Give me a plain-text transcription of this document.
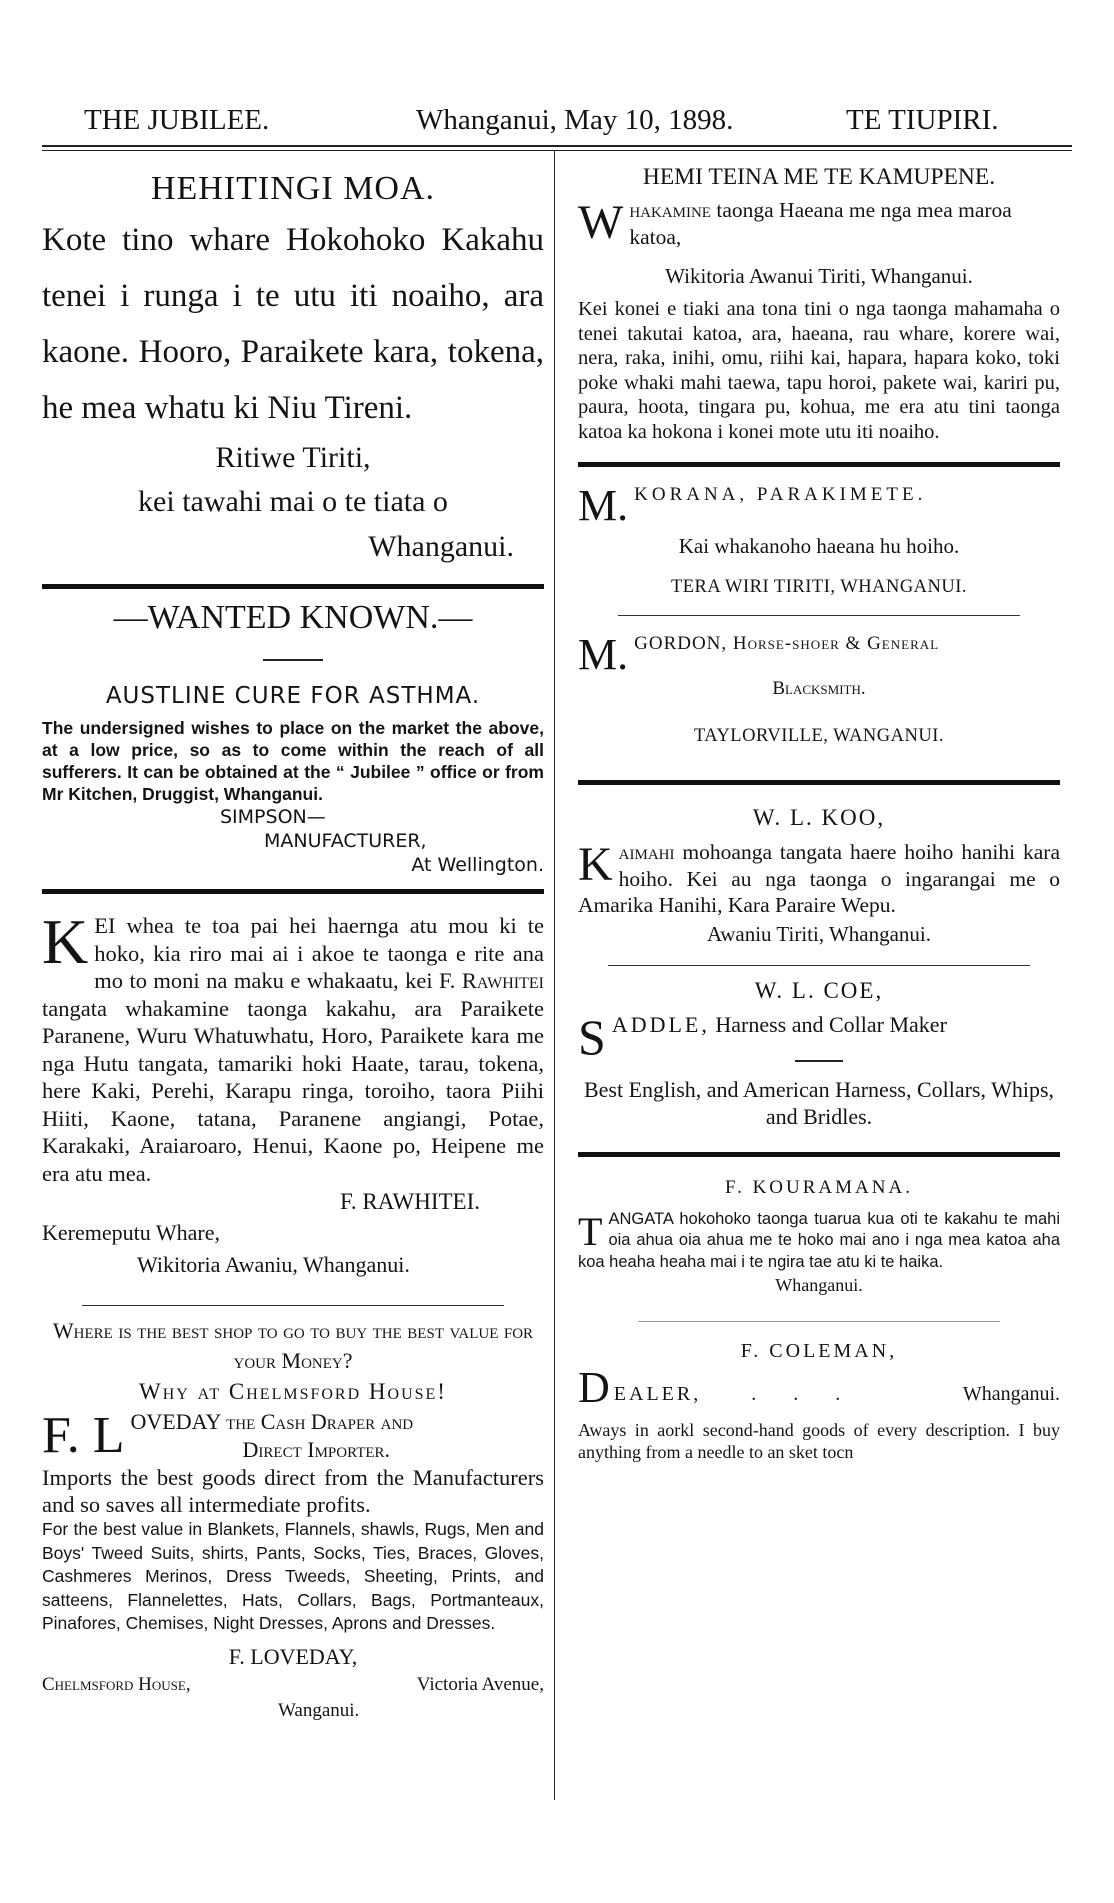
THE JUBILEE.	Whanganui, May 10, 1898.	TE TIUPIRI.
HEHITINGI MOA.

Kote tino whare Hokohoko Kakahu tenei i runga i te utu iti noaiho, ara kaone. Hooro, Paraikete kara, tokena, he mea whatu ki Niu Tireni.

Ritiwe Tiriti,
kei tawahi mai o te tiata o
Whanganui.
—WANTED KNOWN.—
AUSTLINE CURE FOR ASTHMA.

The undersigned wishes to place on the market the above, at a low price, so as to come within the reach of all sufferers. It can be obtained at the “ Jubilee ” office or from Mr Kitchen, Druggist, Whanganui.

SIMPSON—
MANUFACTURER,
At Wellington.

KEI whea te toa pai hei haernga atu mou ki te hoko, kia riro mai ai i akoe te taonga e rite ana mo to moni na maku e whakaatu, kei F. Rawhitei tangata whakamine taonga kakahu, ara Paraikete Paranene, Wuru Whatuwhatu, Horo, Paraikete kara me nga Hutu tangata, tamariki hoki Haate, tarau, tokena, here Kaki, Perehi, Karapu ringa, toroiho, taora Piihi Hiiti, Kaone, tatana, Paranene angiangi, Potae, Karakaki, Araiaroaro, Henui, Kaone po, Heipene me era atu mea.

F. RAWHITEI.
Keremeputu Whare,
Wikitoria Awaniu, Whanganui.

Where is the best shop to go to buy the best value for your Money?

Why at Chelmsford House!
F. L OVEDAY the Cash Draper and
Direct Importer.

Imports the best goods direct from the Manufacturers and so saves all intermediate profits.

For the best value in Blankets, Flannels, shawls, Rugs, Men and Boys' Tweed Suits, shirts, Pants, Socks, Ties, Braces, Gloves, Cashmeres Merinos, Dress Tweeds, Sheeting, Prints, and satteens, Flannelettes, Hats, Collars, Bags, Portmanteaux, Pinafores, Chemises, Night Dresses, Aprons and Dresses.

F. LOVEDAY,
Chelmsford House,	Victoria Avenue,
Wanganui.
HEMI TEINA ME TE KAMUPENE.
Whakamine taonga Haeana me nga mea maroa katoa,
Wikitoria Awanui Tiriti, Whanganui.

Kei konei e tiaki ana tona tini o nga taonga mahamaha o tenei takutai katoa, ara, haeana, rau whare, korere wai, nera, raka, inihi, omu, riihi kai, hapara, hapara koko, toki poke whaki mahi taewa, tapu horoi, pakete wai, kariri pu, paura, hoota, tingara pu, kohua, me era atu tini taonga katoa ka hokona i konei mote utu iti noaiho.

M. KORANA, PARAKIMETE.
Kai whakanoho haeana hu hoiho.
TERA WIRI TIRITI, WHANGANUI.
M. GORDON, Horse-shoer & General
Blacksmith.
TAYLORVILLE, WANGANUI.
W. L. KOO,

Kaimahi mohoanga tangata haere hoiho hanihi kara hoiho. Kei au nga taonga o ingarangai me o Amarika Hanihi, Kara Paraire Wepu.

Awaniu Tiriti, Whanganui.
W. L. COE,
SADDLE, Harness and Collar Maker

Best English, and American Harness, Collars, Whips, and Bridles.

F. KOURAMANA.

TANGATA hokohoko taonga tuarua kua oti te kakahu te mahi oia ahua oia ahua me te hoko mai ano i nga mea katoa aha koa heaha heaha mai i te ngira tae atu ki te haika.

Whanganui.
F. COLEMAN,
D EALER,	. . .	Whanganui.

Aways in aorkl second-hand goods of every description. I buy anything from a needle to an sket tocn
